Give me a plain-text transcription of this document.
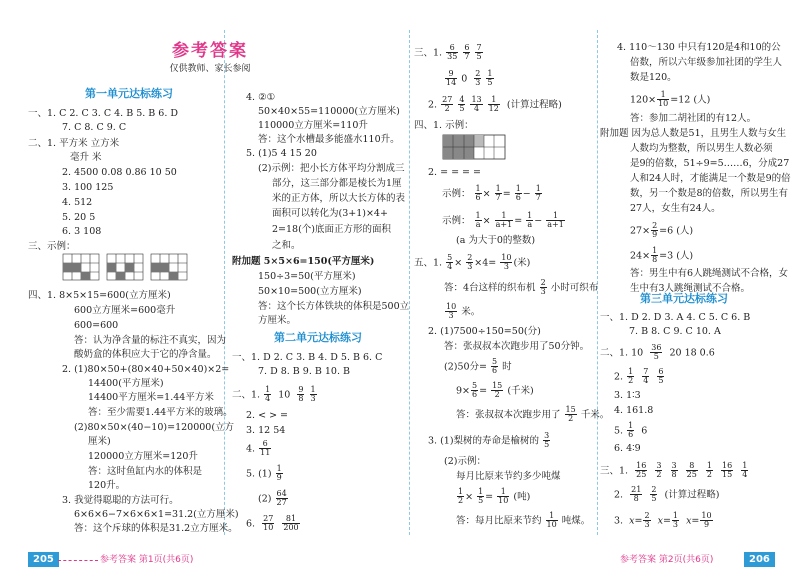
参考答案
仅供教师、家长参阅
第一单元达标练习
一、1. C 2. C 3. C 4. B 5. B 6. D
7. C 8. C 9. C
二、1. 平方米 立方米
毫升 米
2. 4500 0.08 0.86 10 50
3. 100 125
4. 512
5. 20 5
6. 3 108
三、示例：
四、1. 8×5×15=600(立方厘米)
600立方厘米=600毫升
600=600
答：认为净含量的标注不真实，因为
酸奶盒的体积应大于它的净含量。
2. (1)80×50+(80×40+50×40)×2=
14400(平方厘米)
14400平方厘米=1.44平方米
答：至少需要1.44平方米的玻璃。
(2)80×50×(40−10)=120000(立方
厘米)
120000立方厘米=120升
答：这时鱼缸内水的体积是
120升。
3. 我觉得聪聪的方法可行。
6×6×6−7×6×6×1=31.2(立方厘米)
答：这个斥球的体积是31.2立方厘米。
4. ②①
50×40×55=110000(立方厘米)
110000立方厘米=110升
答：这个水槽最多能盛水110升。
5. (1)5 4 15 20
(2)示例：把小长方体平均分割成三
部分，这三部分都是棱长为1厘
米的正方体，所以大长方体的表
面积可以转化为(3+1)×4+
2=18(个)底面正方形的面积
之和。
附加题 5×5×6=150(平方厘米)
150÷3=50(平方厘米)
50×10=500(立方厘米)
答：这个长方体铁块的体积是500立
方厘米。
第二单元达标练习
一、1. D 2. C 3. B 4. D 5. B 6. C
7. D 8. B 9. B 10. B
二、1. $\frac{1}{4} 10 \frac{9}{8}$
$\frac{1}{3}$
2. < > =
3. 12 54
4. $\frac{6}{11}$
5. $(1) \frac{1}{9}$
$(2) \frac{64}{27}$
6. $\frac{27}{10}$
$\frac{81}{200}$
三、1. $\frac{6}{35}$
$\frac{6}{7}$
$\frac{7}{5}$
$\frac{9}{14} 0 \frac{2}{3}$
$\frac{1}{5}$
2. $\frac{27}{2}$
$\frac{4}{5}$
$\frac{13}{4}$
$\frac{1}{12}$ (计算过程略)
四、1. 示例：
2. = = = =
示例： $\frac{1}{6} \times \frac{1}{7} = \frac{1}{6} - \frac{1}{7}$
示例： $\frac{1}{a} \times \frac{1}{a+1} = \frac{1}{a} - \frac{1}{a+1}$
(a 为大于0的整数)
五、1. $\frac{5}{4} \times \frac{2}{3} \times 4= \frac{10}{3}$ (米)
答：4台这样的织布机 $\frac{2}{3}$ 小时可织布
$\frac{10}{3}$ 米。
2. (1)7500÷150=50(分)
答：张叔叔本次跑步用了50分钟。
(2)50分= $\frac{5}{6}$ 时
$9\times \frac{5}{6} = \frac{15}{2}$ (千米)
答：张叔叔本次跑步用了 $\frac{15}{2}$ 千米。
3. (1)梨树的寿命是榆树的 $\frac{3}{5}$
(2)示例：
每月比原来节约多少吨煤
$\frac{1}{2} \times \frac{1}{5} = \frac{1}{10}$ (吨)
答：每月比原来节约 $\frac{1}{10}$ 吨煤。
4. 110～130 中只有120是4和10的公
倍数，所以六年级参加社团的学生人
数是120。
$120\times \frac{1}{10} =12$ (人)
答：参加二胡社团的有12人。
附加题 因为总人数是51，且男生人数与女生
人数均为整数，所以男生人数必须
是9的倍数，51÷9=5……6，分成27
人和24人时，才能满足一个数是9的倍
数，另一个数是8的倍数，所以男生有
27人，女生有24人。
$27\times \frac{2}{9} =6$ (人)
$24\times \frac{1}{8} =3$ (人)
答：男生中有6人跳绳测试不合格，女
生中有3人跳绳测试不合格。
第三单元达标练习
一、1. D 2. D 3. A 4. C 5. C 6. B
7. B 8. C 9. C 10. A
二、1. $10 \frac{36}{5} 20$ 18 0.6
2. $\frac{1}{2}$
$\frac{7}{4}$
$\frac{6}{5}$
3. 1∶3
4. 161.8
5. $\frac{1}{6} 6$
6. 4∶9
三、1. $\frac{16}{25}$
$\frac{3}{2}$
$\frac{3}{8}$
$\frac{8}{25}$
$\frac{1}{2}$
$\frac{16}{15}$
$\frac{1}{4}$
2. $\frac{21}{8}$
$\frac{2}{5}$ (计算过程略)
3. $x= \frac{2}{3} x= \frac{1}{3} x= \frac{10}{9}$
205	参考答案 第1页(共6页)	参考答案 第2页(共6页)	206
